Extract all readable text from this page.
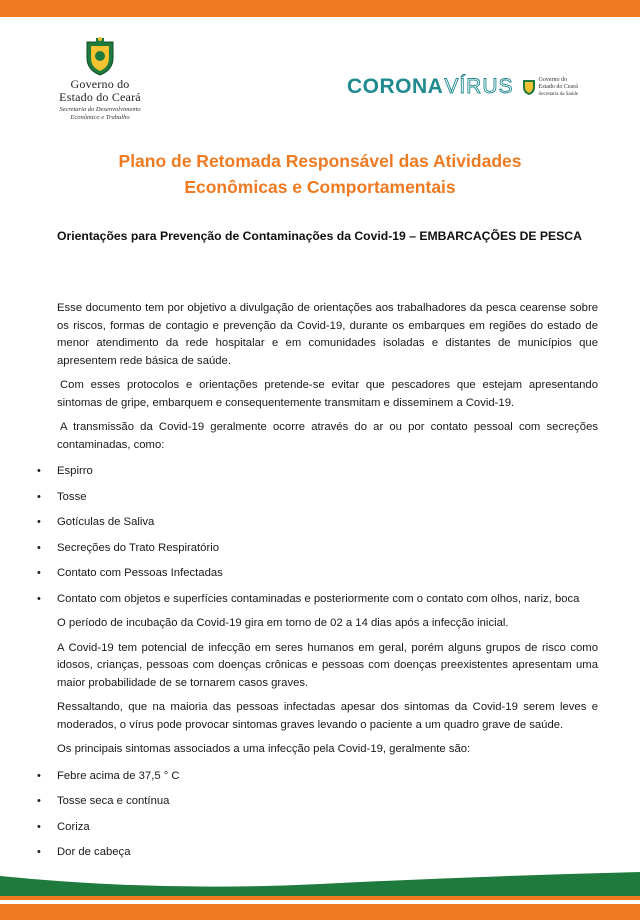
Governo do
Estado do Ceará
Secretaria do Desenvolvimento
Econômico e Trabalho
CORONA VÍRUS	Governo do
Estado do Ceará
Secretaria da Saúde
Plano de Retomada Responsável das Atividades
Econômicas e Comportamentais
Orientações para Prevenção de Contaminações da Covid-19 – EMBARCAÇÕES DE PESCA

Esse documento tem por objetivo a divulgação de orientações aos trabalhadores da pesca cearense sobre os riscos, formas de contagio e prevenção da Covid-19, durante os embarques em regiões do estado de menor atendimento da rede hospitalar e em comunidades isoladas e distantes de municípios que apresentem rede básica de saúde.

Com esses protocolos e orientações pretende-se evitar que pescadores que estejam apresentando sintomas de gripe, embarquem e consequentemente transmitam e disseminem a Covid-19.

A transmissão da Covid-19 geralmente ocorre através do ar ou por contato pessoal com secreções contaminadas, como:

• Espirro
• Tosse
• Gotículas de Saliva
• Secreções do Trato Respiratório
• Contato com Pessoas Infectadas
• Contato com objetos e superfícies contaminadas e posteriormente com o contato com olhos, nariz, boca

O período de incubação da Covid-19 gira em torno de 02 a 14 dias após a infecção inicial.

A Covid-19 tem potencial de infecção em seres humanos em geral, porém alguns grupos de risco como idosos, crianças, pessoas com doenças crônicas e pessoas com doenças preexistentes apresentam uma maior probabilidade de se tornarem casos graves.

Ressaltando, que na maioria das pessoas infectadas apesar dos sintomas da Covid-19 serem leves e moderados, o vírus pode provocar sintomas graves levando o paciente a um quadro grave de saúde.

Os principais sintomas associados a uma infecção pela Covid-19, geralmente são:

• Febre acima de 37,5 ° C
• Tosse seca e contínua
• Coriza
• Dor de cabeça
